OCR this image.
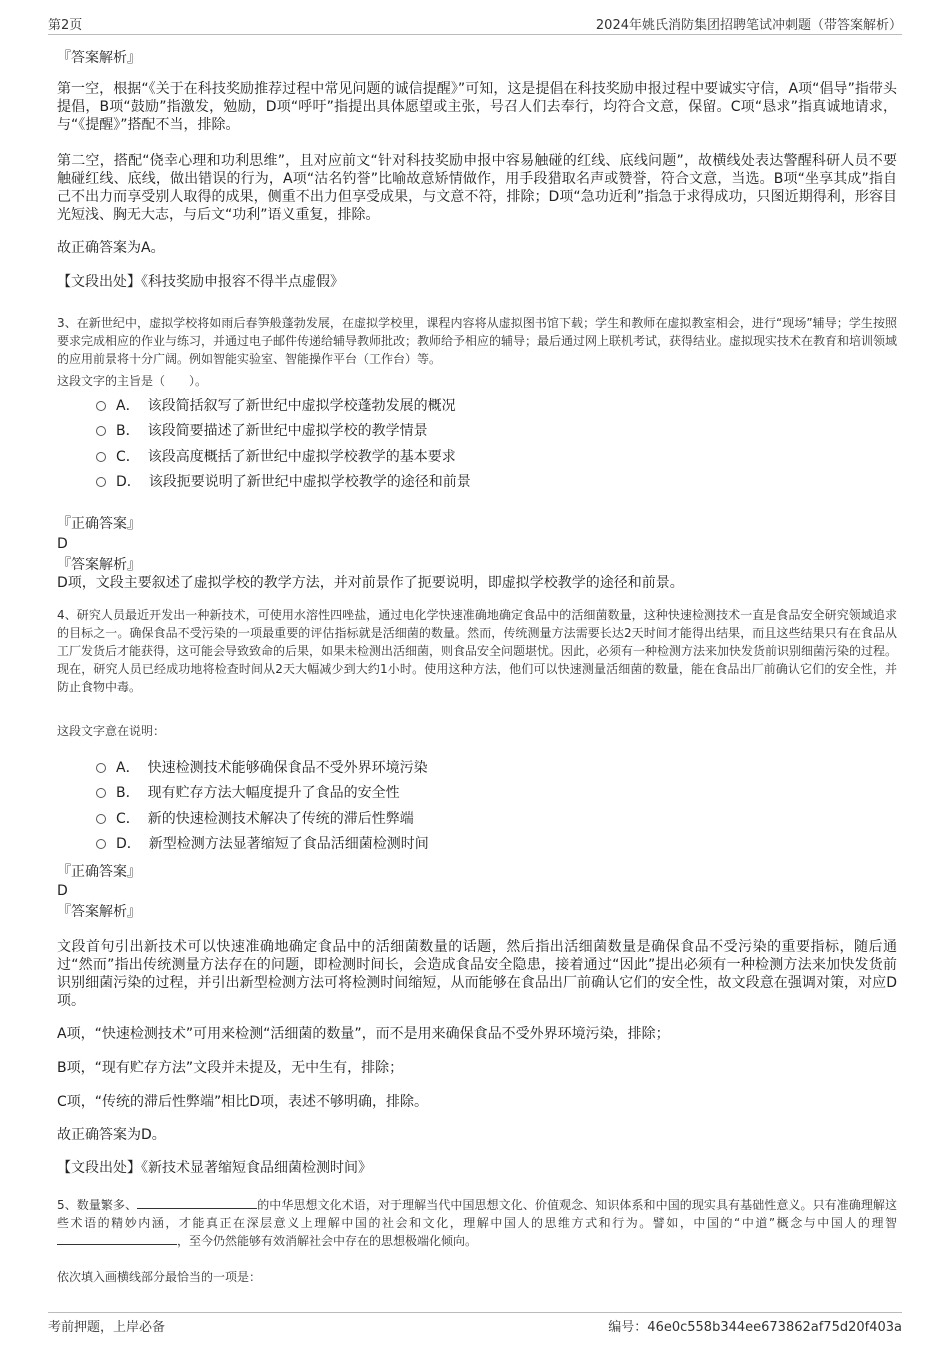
第2页	2024年姚氏消防集团招聘笔试冲刺题（带答案解析）
『答案解析』
第一空，根据“《关于在科技奖励推荐过程中常见问题的诚信提醒》”可知，这是提倡在科技奖励申报过程中要诚实守信，A项“倡导”指带头提倡，B项“鼓励”指激发，勉励，D项“呼吁”指提出具体愿望或主张，号召人们去奉行，均符合文意，保留。C项“恳求”指真诚地请求，与“《提醒》”搭配不当，排除。
第二空，搭配“侥幸心理和功利思维”，且对应前文“针对科技奖励申报中容易触碰的红线、底线问题”，故横线处表达警醒科研人员不要触碰红线、底线，做出错误的行为，A项“沽名钓誉”比喻故意矫情做作，用手段猎取名声或赞誉，符合文意，当选。B项“坐享其成”指自己不出力而享受别人取得的成果，侧重不出力但享受成果，与文意不符，排除；D项“急功近利”指急于求得成功，只图近期得利，形容目光短浅、胸无大志，与后文“功利”语义重复，排除。
故正确答案为A。
【文段出处】《科技奖励申报容不得半点虚假》
3、在新世纪中，虚拟学校将如雨后春笋般蓬勃发展，在虚拟学校里，课程内容将从虚拟图书馆下载；学生和教师在虚拟教室相会，进行“现场”辅导；学生按照要求完成相应的作业与练习，并通过电子邮件传递给辅导教师批改；教师给予相应的辅导；最后通过网上联机考试，获得结业。虚拟现实技术在教育和培训领域的应用前景将十分广阔。例如智能实验室、智能操作平台（工作台）等。
这段文字的主旨是（　　）。
A． 该段简括叙写了新世纪中虚拟学校蓬勃发展的概况
B． 该段简要描述了新世纪中虚拟学校的教学情景
C． 该段高度概括了新世纪中虚拟学校教学的基本要求
D． 该段扼要说明了新世纪中虚拟学校教学的途径和前景
『正确答案』
D
『答案解析』
D项，文段主要叙述了虚拟学校的教学方法，并对前景作了扼要说明，即虚拟学校教学的途径和前景。
4、研究人员最近开发出一种新技术，可使用水溶性四唑盐，通过电化学快速准确地确定食品中的活细菌数量，这种快速检测技术一直是食品安全研究领域追求的目标之一。确保食品不受污染的一项最重要的评估指标就是活细菌的数量。然而，传统测量方法需要长达2天时间才能得出结果，而且这些结果只有在食品从工厂发货后才能获得，这可能会导致致命的后果，如果未检测出活细菌，则食品安全问题堪忧。因此，必须有一种检测方法来加快发货前识别细菌污染的过程。现在，研究人员已经成功地将检查时间从2天大幅减少到大约1小时。使用这种方法，他们可以快速测量活细菌的数量，能在食品出厂前确认它们的安全性，并防止食物中毒。
这段文字意在说明：
A． 快速检测技术能够确保食品不受外界环境污染
B． 现有贮存方法大幅度提升了食品的安全性
C． 新的快速检测技术解决了传统的滞后性弊端
D． 新型检测方法显著缩短了食品活细菌检测时间
『正确答案』
D
『答案解析』
文段首句引出新技术可以快速准确地确定食品中的活细菌数量的话题，然后指出活细菌数量是确保食品不受污染的重要指标，随后通过“然而”指出传统测量方法存在的问题，即检测时间长，会造成食品安全隐患，接着通过“因此”提出必须有一种检测方法来加快发货前识别细菌污染的过程，并引出新型检测方法可将检测时间缩短，从而能够在食品出厂前确认它们的安全性，故文段意在强调对策，对应D项。
A项，“快速检测技术”可用来检测“活细菌的数量”，而不是用来确保食品不受外界环境污染，排除；
B项，“现有贮存方法”文段并未提及，无中生有，排除；
C项，“传统的滞后性弊端”相比D项，表述不够明确，排除。
故正确答案为D。
【文段出处】《新技术显著缩短食品细菌检测时间》
5、数量繁多、	的中华思想文化术语，对于理解当代中国思想文化、价值观念、知识体系和中国的现实具有基础性意义。只有准确理解这些术语的精妙内涵，才能真正在深层意义上理解中国的社会和文化，理解中国人的思维方式和行为。譬如，中国的“中道”概念与中国人的理智，至今仍然能够有效消解社会中存在的思想极端化倾向。
依次填入画横线部分最恰当的一项是：
考前押题，上岸必备	编号：46e0c558b344ee673862af75d20f403a
